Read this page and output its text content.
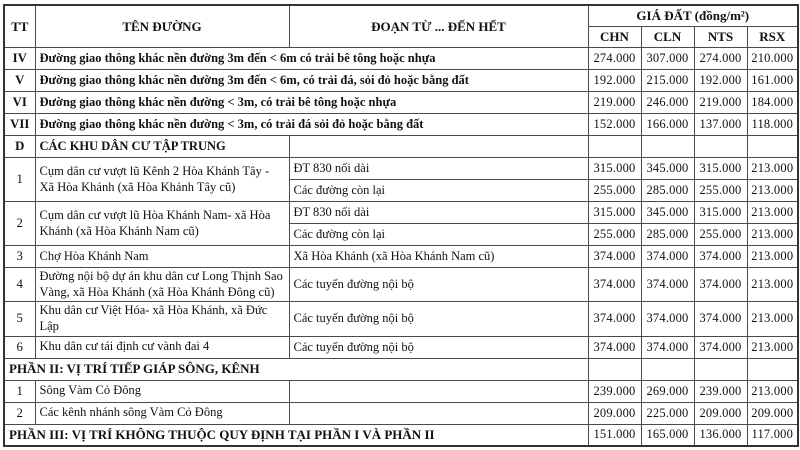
TT	TÊN ĐƯỜNG	ĐOẠN TỪ ... ĐẾN HẾT	GIÁ ĐẤT (đồng/m²)			
			CHN	CLN	NTS	RSX
IV	Đường giao thông khác nền đường 3m đến < 6m có trải bê tông hoặc nhựa		274.000	307.000	274.000	210.000
V	Đường giao thông khác nền đường 3m đến < 6m, có trải đá, sỏi đỏ hoặc bằng đất		192.000	215.000	192.000	161.000
VI	Đường giao thông khác nền đường < 3m, có trải bê tông hoặc nhựa		219.000	246.000	219.000	184.000
VII	Đường giao thông khác nền đường < 3m, có trải đá sỏi đỏ hoặc bằng đất		152.000	166.000	137.000	118.000
D	CÁC KHU DÂN CƯ TẬP TRUNG					
1	Cụm dân cư vượt lũ Kênh 2 Hòa Khánh Tây - Xã Hòa Khánh (xã Hòa Khánh Tây cũ)	ĐT 830 nối dài	315.000	345.000	315.000	213.000
		Các đường còn lại	255.000	285.000	255.000	213.000
2	Cụm dân cư vượt lũ Hòa Khánh Nam- xã Hòa Khánh (xã Hòa Khánh Nam cũ)	ĐT 830 nối dài	315.000	345.000	315.000	213.000
		Các đường còn lại	255.000	285.000	255.000	213.000
3	Chợ Hòa Khánh Nam	Xã Hòa Khánh (xã Hòa Khánh Nam cũ)	374.000	374.000	374.000	213.000
4	Đường nội bộ dự án khu dân cư Long Thịnh Sao Vàng, xã Hòa Khánh (xã Hòa Khánh Đông cũ)	Các tuyến đường nội bộ	374.000	374.000	374.000	213.000
5	Khu dân cư Việt Hóa- xã Hòa Khánh, xã Đức Lập	Các tuyến đường nội bộ	374.000	374.000	374.000	213.000
6	Khu dân cư tái định cư vành đai 4	Các tuyến đường nội bộ	374.000	374.000	374.000	213.000
PHẦN II: VỊ TRÍ TIẾP GIÁP SÔNG, KÊNH						
1	Sông Vàm Cỏ Đông		239.000	269.000	239.000	213.000
2	Các kênh nhánh sông Vàm Cỏ Đông		209.000	225.000	209.000	209.000
PHẦN III: VỊ TRÍ KHÔNG THUỘC QUY ĐỊNH TẠI PHẦN I VÀ PHẦN II			151.000	165.000	136.000	117.000
